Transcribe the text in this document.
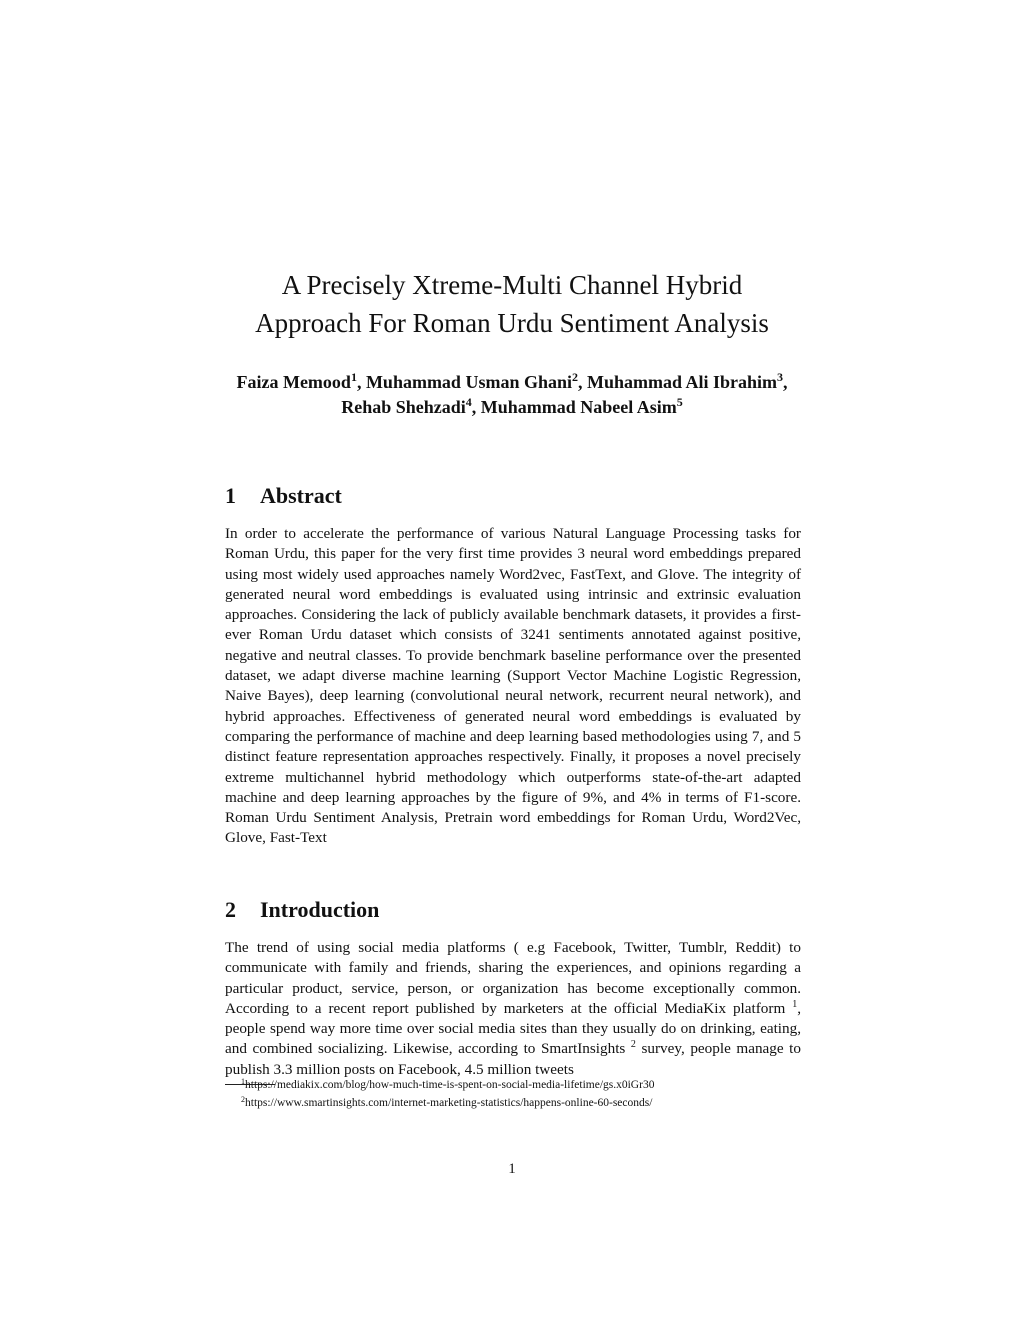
A Precisely Xtreme-Multi Channel Hybrid
Approach For Roman Urdu Sentiment Analysis

Faiza Memood$^1$, Muhammad Usman Ghani$^2$, Muhammad Ali Ibrahim$^3$,
Rehab Shehzadi$^4$, Muhammad Nabeel Asim$^5$

1 Abstract

In order to accelerate the performance of various Natural Language Processing tasks for Roman Urdu, this paper for the very first time provides 3 neural word embeddings prepared using most widely used approaches namely Word2vec, FastText, and Glove. The integrity of generated neural word embeddings is evaluated using intrinsic and extrinsic evaluation approaches. Considering the lack of publicly available benchmark datasets, it provides a first-ever Roman Urdu dataset which consists of 3241 sentiments annotated against positive, negative and neutral classes. To provide benchmark baseline performance over the presented dataset, we adapt diverse machine learning (Support Vector Machine Logistic Regression, Naive Bayes), deep learning (convolutional neural network, recurrent neural network), and hybrid approaches. Effectiveness of generated neural word embeddings is evaluated by comparing the performance of machine and deep learning based methodologies using 7, and 5 distinct feature representation approaches respectively. Finally, it proposes a novel precisely extreme multichannel hybrid methodology which outperforms state-of-the-art adapted machine and deep learning approaches by the figure of 9%, and 4% in terms of F1-score. Roman Urdu Sentiment Analysis, Pretrain word embeddings for Roman Urdu, Word2Vec, Glove, Fast-Text

2 Introduction

The trend of using social media platforms ( e.g Facebook, Twitter, Tumblr, Reddit) to communicate with family and friends, sharing the experiences, and opinions regarding a particular product, service, person, or organization has become exceptionally common. According to a recent report published by marketers at the official MediaKix platform $^1$, people spend way more time over social media sites than they usually do on drinking, eating, and combined socializing. Likewise, according to SmartInsights $^2$ survey, people manage to publish 3.3 million posts on Facebook, 4.5 million tweets

$^1$https://mediakix.com/blog/how-much-time-is-spent-on-social-media-lifetime/gs.x0iGr30

$^2$https://www.smartinsights.com/internet-marketing-statistics/happens-online-60-seconds/

1
